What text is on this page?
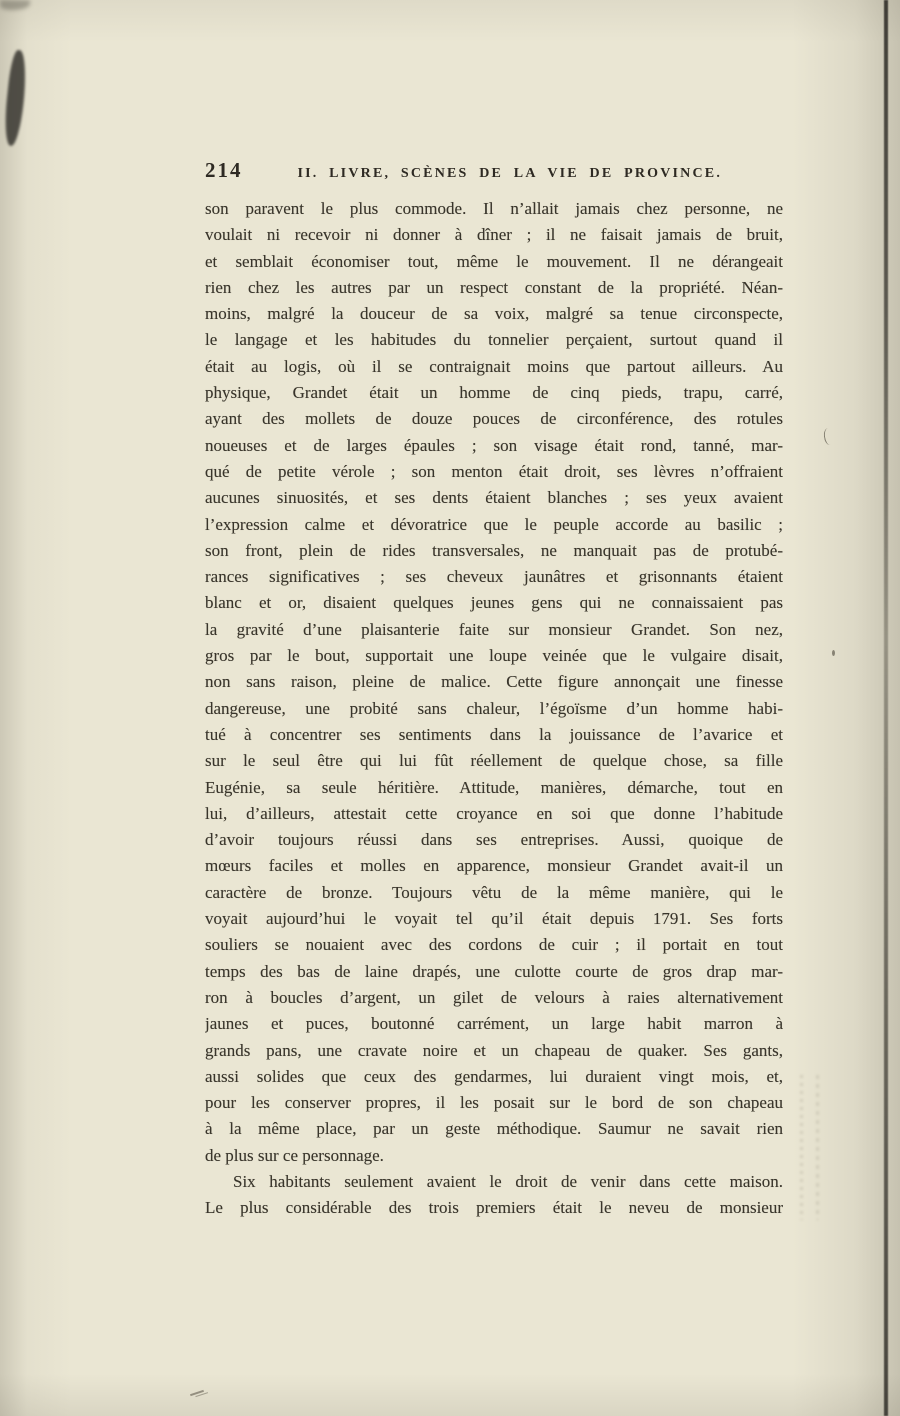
214	II. LIVRE, SCÈNES DE LA VIE DE PROVINCE.
son paravent le plus commode. Il n’allait jamais chez personne, ne
voulait ni recevoir ni donner à dîner ; il ne faisait jamais de bruit,
et semblait économiser tout, même le mouvement. Il ne dérangeait
rien chez les autres par un respect constant de la propriété. Néan-
moins, malgré la douceur de sa voix, malgré sa tenue circonspecte,
le langage et les habitudes du tonnelier perçaient, surtout quand il
était au logis, où il se contraignait moins que partout ailleurs. Au
physique, Grandet était un homme de cinq pieds, trapu, carré,
ayant des mollets de douze pouces de circonférence, des rotules
noueuses et de larges épaules ; son visage était rond, tanné, mar-
qué de petite vérole ; son menton était droit, ses lèvres n’offraient
aucunes sinuosités, et ses dents étaient blanches ; ses yeux avaient
l’expression calme et dévoratrice que le peuple accorde au basilic ;
son front, plein de rides transversales, ne manquait pas de protubé-
rances significatives ; ses cheveux jaunâtres et grisonnants étaient
blanc et or, disaient quelques jeunes gens qui ne connaissaient pas
la gravité d’une plaisanterie faite sur monsieur Grandet. Son nez,
gros par le bout, supportait une loupe veinée que le vulgaire disait,
non sans raison, pleine de malice. Cette figure annonçait une finesse
dangereuse, une probité sans chaleur, l’égoïsme d’un homme habi-
tué à concentrer ses sentiments dans la jouissance de l’avarice et
sur le seul être qui lui fût réellement de quelque chose, sa fille
Eugénie, sa seule héritière. Attitude, manières, démarche, tout en
lui, d’ailleurs, attestait cette croyance en soi que donne l’habitude
d’avoir toujours réussi dans ses entreprises. Aussi, quoique de
mœurs faciles et molles en apparence, monsieur Grandet avait-il un
caractère de bronze. Toujours vêtu de la même manière, qui le
voyait aujourd’hui le voyait tel qu’il était depuis 1791. Ses forts
souliers se nouaient avec des cordons de cuir ; il portait en tout
temps des bas de laine drapés, une culotte courte de gros drap mar-
ron à boucles d’argent, un gilet de velours à raies alternativement
jaunes et puces, boutonné carrément, un large habit marron à
grands pans, une cravate noire et un chapeau de quaker. Ses gants,
aussi solides que ceux des gendarmes, lui duraient vingt mois, et,
pour les conserver propres, il les posait sur le bord de son chapeau
à la même place, par un geste méthodique. Saumur ne savait rien
de plus sur ce personnage.
Six habitants seulement avaient le droit de venir dans cette maison.
Le plus considérable des trois premiers était le neveu de monsieur
